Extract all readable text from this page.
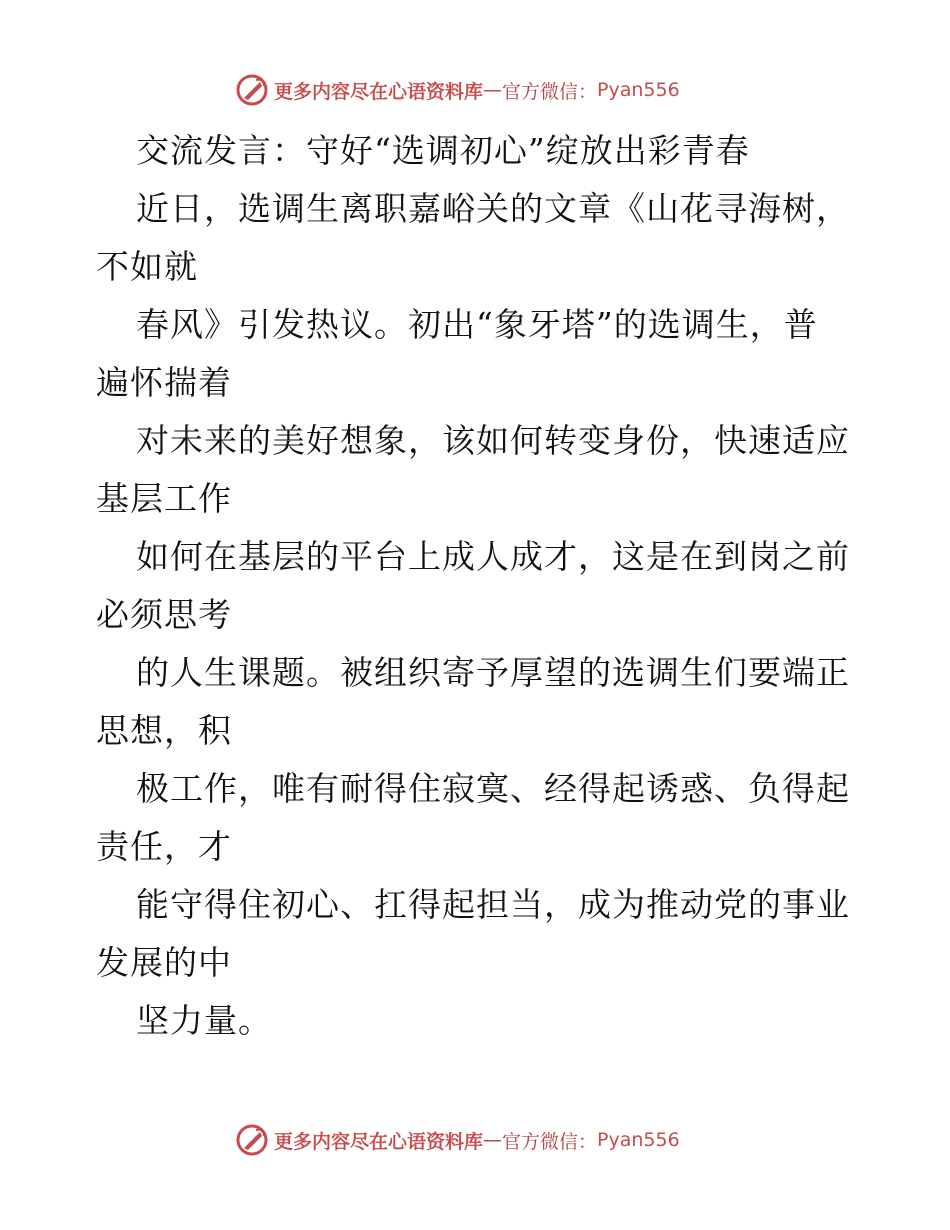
更多内容尽在心语资料库 — 官方微信： Pyan556
交流发言：守好“选调初心”绽放出彩青春
近日，选调生离职嘉峪关的文章《山花寻海树，
不如就
春风》引发热议。初出“象牙塔”的选调生，普
遍怀揣着
对未来的美好想象，该如何转变身份，快速适应
基层工作
如何在基层的平台上成人成才，这是在到岗之前
必须思考
的人生课题。被组织寄予厚望的选调生们要端正
思想，积
极工作，唯有耐得住寂寞、经得起诱惑、负得起
责任，才
能守得住初心、扛得起担当，成为推动党的事业
发展的中
坚力量。
更多内容尽在心语资料库 — 官方微信： Pyan556
